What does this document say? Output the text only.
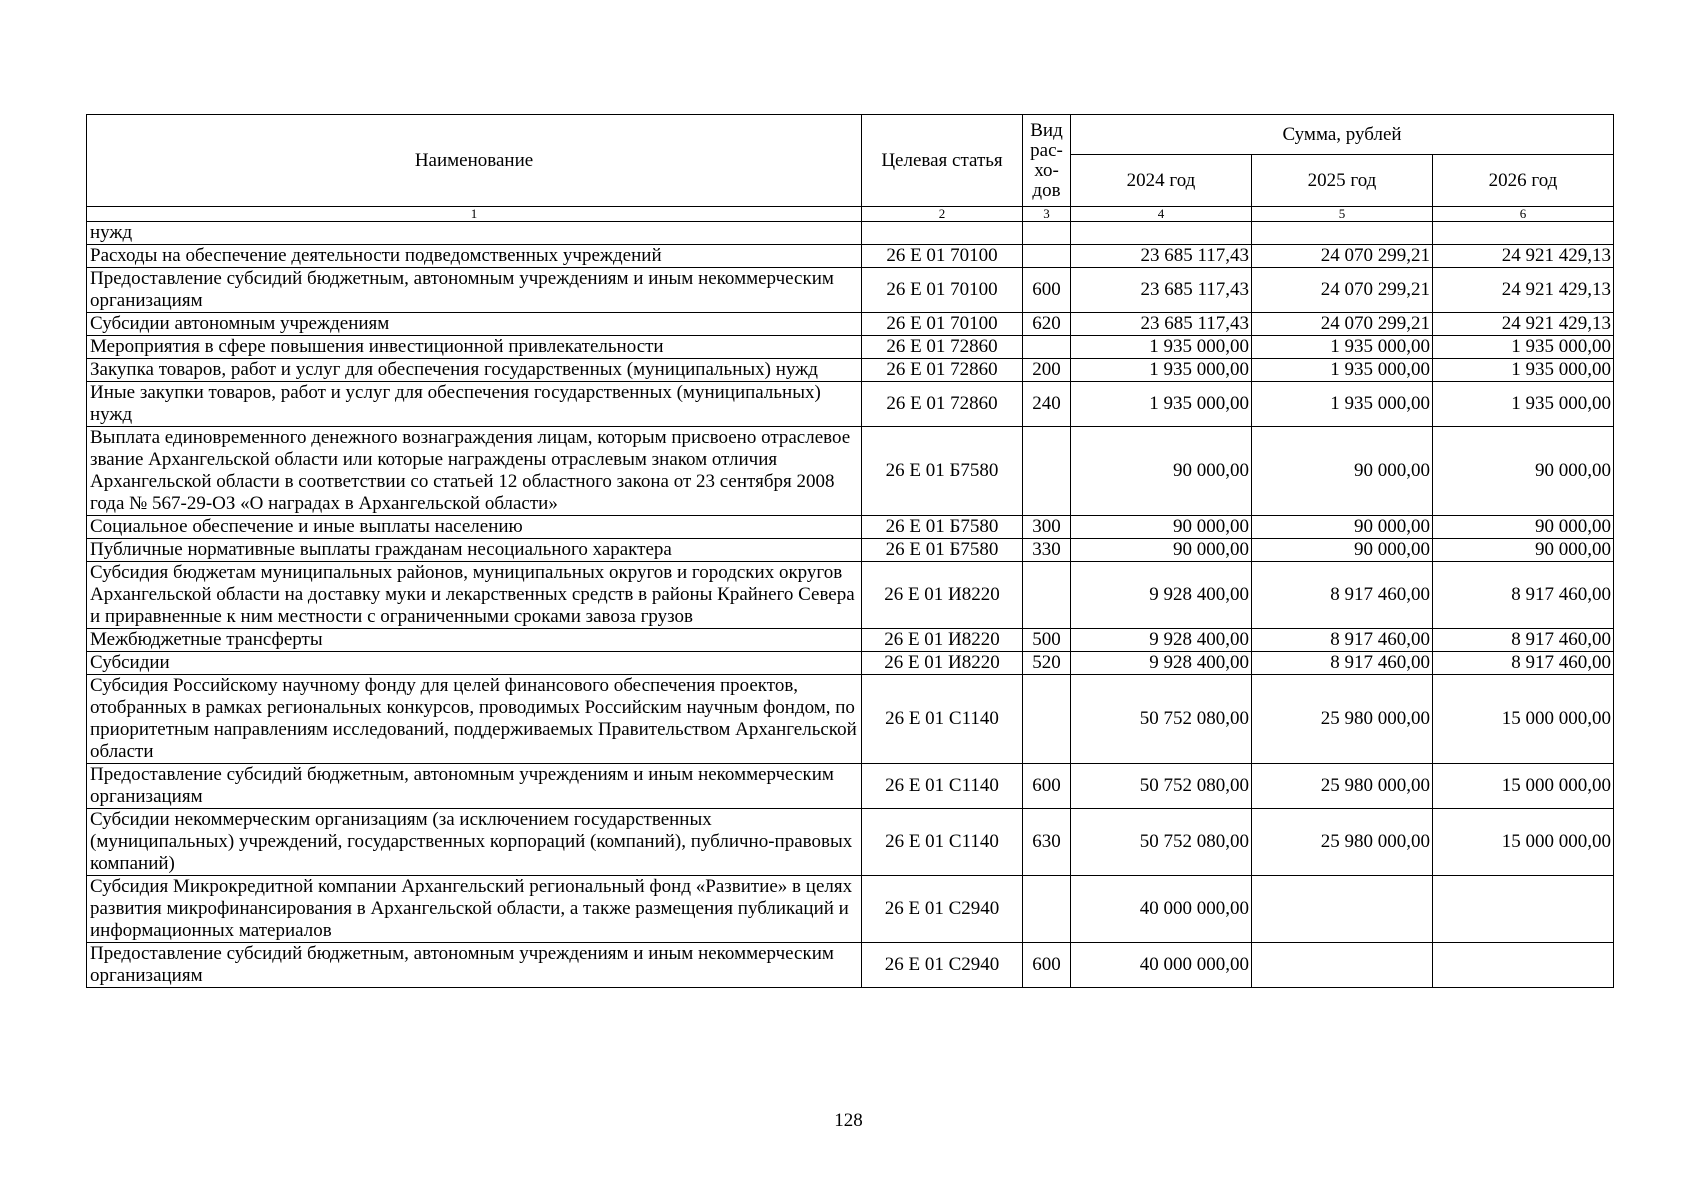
Наименование	Целевая статья	Вид
рас-
хо-
дов	Сумма, рублей		
			2024 год	2025 год	2026 год
1	2	3	4	5	6
нужд					
Расходы на обеспечение деятельности подведомственных учреждений	26 Е 01 70100		23 685 117,43	24 070 299,21	24 921 429,13
Предоставление субсидий бюджетным, автономным учреждениям и иным некоммерческим организациям	26 Е 01 70100	600	23 685 117,43	24 070 299,21	24 921 429,13
Субсидии автономным учреждениям	26 Е 01 70100	620	23 685 117,43	24 070 299,21	24 921 429,13
Мероприятия в сфере повышения инвестиционной привлекательности	26 Е 01 72860		1 935 000,00	1 935 000,00	1 935 000,00
Закупка товаров, работ и услуг для обеспечения государственных (муниципальных) нужд	26 Е 01 72860	200	1 935 000,00	1 935 000,00	1 935 000,00
Иные закупки товаров, работ и услуг для обеспечения государственных (муниципальных) нужд	26 Е 01 72860	240	1 935 000,00	1 935 000,00	1 935 000,00
Выплата единовременного денежного вознаграждения лицам, которым присвоено отраслевое звание Архангельской области или которые награждены отраслевым знаком отличия Архангельской области в соответствии со статьей 12 областного закона от 23 сентября 2008 года № 567-29-ОЗ «О наградах в Архангельской области»	26 Е 01 Б7580		90 000,00	90 000,00	90 000,00
Социальное обеспечение и иные выплаты населению	26 Е 01 Б7580	300	90 000,00	90 000,00	90 000,00
Публичные нормативные выплаты гражданам несоциального характера	26 Е 01 Б7580	330	90 000,00	90 000,00	90 000,00
Субсидия бюджетам муниципальных районов, муниципальных округов и городских округов Архангельской области на доставку муки и лекарственных средств в районы Крайнего Севера и приравненные к ним местности с ограниченными сроками завоза грузов	26 Е 01 И8220		9 928 400,00	8 917 460,00	8 917 460,00
Межбюджетные трансферты	26 Е 01 И8220	500	9 928 400,00	8 917 460,00	8 917 460,00
Субсидии	26 Е 01 И8220	520	9 928 400,00	8 917 460,00	8 917 460,00
Субсидия Российскому научному фонду для целей финансового обеспечения проектов, отобранных в рамках региональных конкурсов, проводимых Российским научным фондом, по приоритетным направлениям исследований, поддерживаемых Правительством Архангельской области	26 Е 01 С1140		50 752 080,00	25 980 000,00	15 000 000,00
Предоставление субсидий бюджетным, автономным учреждениям и иным некоммерческим организациям	26 Е 01 С1140	600	50 752 080,00	25 980 000,00	15 000 000,00
Субсидии некоммерческим организациям (за исключением государственных (муниципальных) учреждений, государственных корпораций (компаний), публично-правовых компаний)	26 Е 01 С1140	630	50 752 080,00	25 980 000,00	15 000 000,00
Субсидия Микрокредитной компании Архангельский региональный фонд «Развитие» в целях развития микрофинансирования в Архангельской области, а также размещения публикаций и информационных материалов	26 Е 01 С2940		40 000 000,00		
Предоставление субсидий бюджетным, автономным учреждениям и иным некоммерческим организациям	26 Е 01 С2940	600	40 000 000,00		
128
